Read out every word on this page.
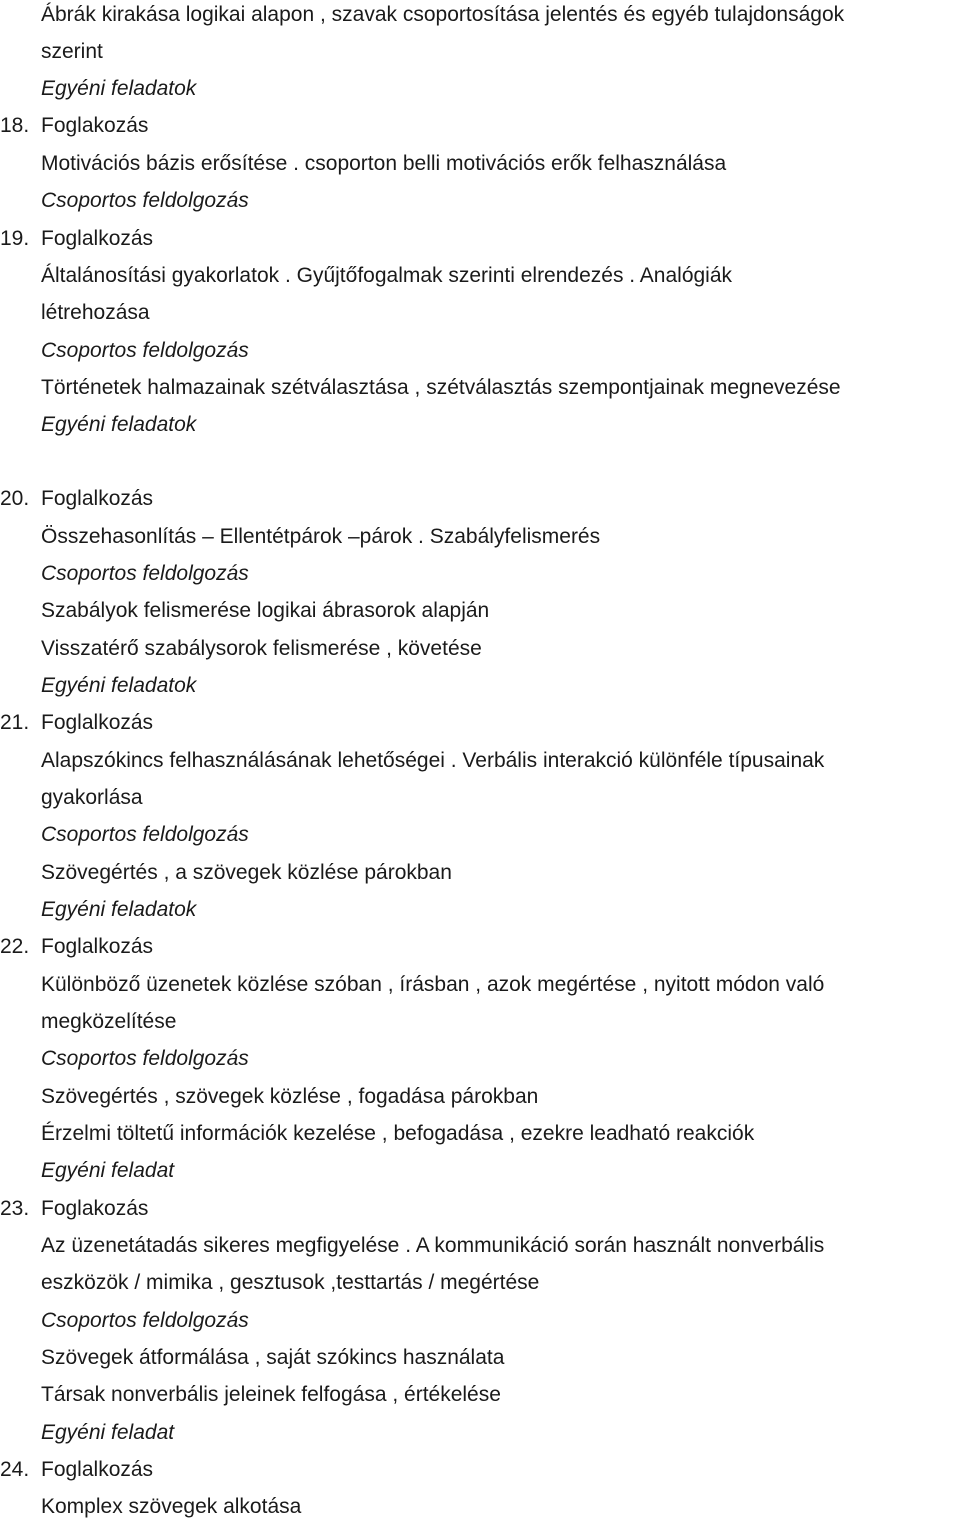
Ábrák kirakása logikai alapon , szavak csoportosítása jelentés és egyéb tulajdonságok
szerint
Egyéni feladatok
18. Foglakozás
Motivációs bázis erősítése . csoporton belli motivációs erők felhasználása
Csoportos feldolgozás
19. Foglalkozás
Általánosítási gyakorlatok . Gyűjtőfogalmak szerinti elrendezés . Analógiák
létrehozása
Csoportos feldolgozás
Történetek halmazainak szétválasztása , szétválasztás szempontjainak megnevezése
Egyéni feladatok
20. Foglalkozás
Összehasonlítás – Ellentétpárok –párok . Szabályfelismerés
Csoportos feldolgozás
Szabályok felismerése logikai ábrasorok alapján
Visszatérő szabálysorok felismerése , követése
Egyéni feladatok
21. Foglalkozás
Alapszókincs felhasználásának lehetőségei . Verbális interakció különféle típusainak
gyakorlása
Csoportos feldolgozás
Szövegértés , a szövegek közlése párokban
Egyéni feladatok
22. Foglalkozás
Különböző üzenetek közlése szóban , írásban , azok megértése , nyitott módon való
megközelítése
Csoportos feldolgozás
Szövegértés , szövegek közlése , fogadása párokban
Érzelmi töltetű információk kezelése , befogadása , ezekre leadható reakciók
Egyéni feladat
23. Foglakozás
Az üzenetátadás sikeres megfigyelése . A kommunikáció során használt nonverbális
eszközök / mimika , gesztusok ,testtartás / megértése
Csoportos feldolgozás
Szövegek átformálása , saját szókincs használata
Társak nonverbális jeleinek felfogása , értékelése
Egyéni feladat
24. Foglalkozás
Komplex szövegek alkotása
